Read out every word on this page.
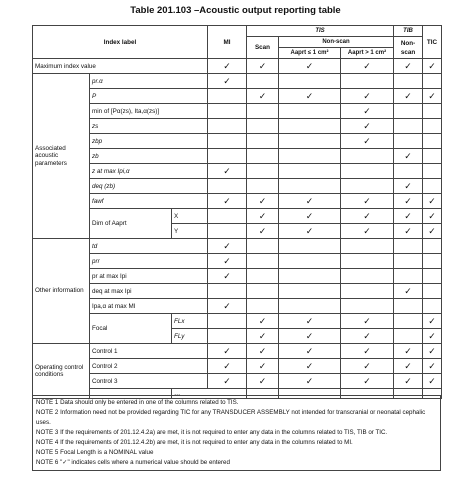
Table 201.103 –Acoustic output reporting table
Index label			MI	TIS			TIB	TIC	
				Scan	Non-scan		Non-scan		
					Aaprt ≤ 1 cm²	Aaprt > 1 cm²			
Maximum index value			✓	✓	✓	✓	✓	✓	
Associated acoustic parameters	pr.α		✓						
	P			✓	✓	✓	✓	✓	
	min of [Pα(zs), Ita,α(zs)]					✓			
	zs					✓			
	zbp					✓			
	zb						✓		
	z at max Ipi,α		✓						
	deq (zb)						✓		
	fawf		✓	✓	✓	✓	✓	✓	
	Dim of Aaprt	X		✓	✓	✓	✓	✓	
		Y		✓	✓	✓	✓	✓	
Other information	td		✓						
	prr		✓						
	pr at max Ipi		✓						
	deq at max Ipi						✓		
	Ipa,α at max MI		✓						
	Focal	FLx		✓	✓	✓		✓	
		FLy		✓	✓	✓		✓	
Operating control conditions	Control 1		✓	✓	✓	✓	✓	✓	
	Control 2		✓	✓	✓	✓	✓	✓	
	Control 3		✓	✓	✓	✓	✓	✓	
		…		…	…	…	…	…	
NOTE 1 Data should only be entered in one of the columns related to TIS.
NOTE 2 Information need not be provided regarding TIC for any TRANSDUCER ASSEMBLY not intended for transcranial or neonatal cephalic uses.
NOTE 3 If the requirements of 201.12.4.2a) are met, it is not required to enter any data in the columns related to TIS, TIB or TIC.
NOTE 4 If the requirements of 201.12.4.2b) are met, it is not required to enter any data in the columns related to MI.
NOTE 5 Focal Length is a NOMINAL value
NOTE 6 "✓" indicates cells where a numerical value should be entered
